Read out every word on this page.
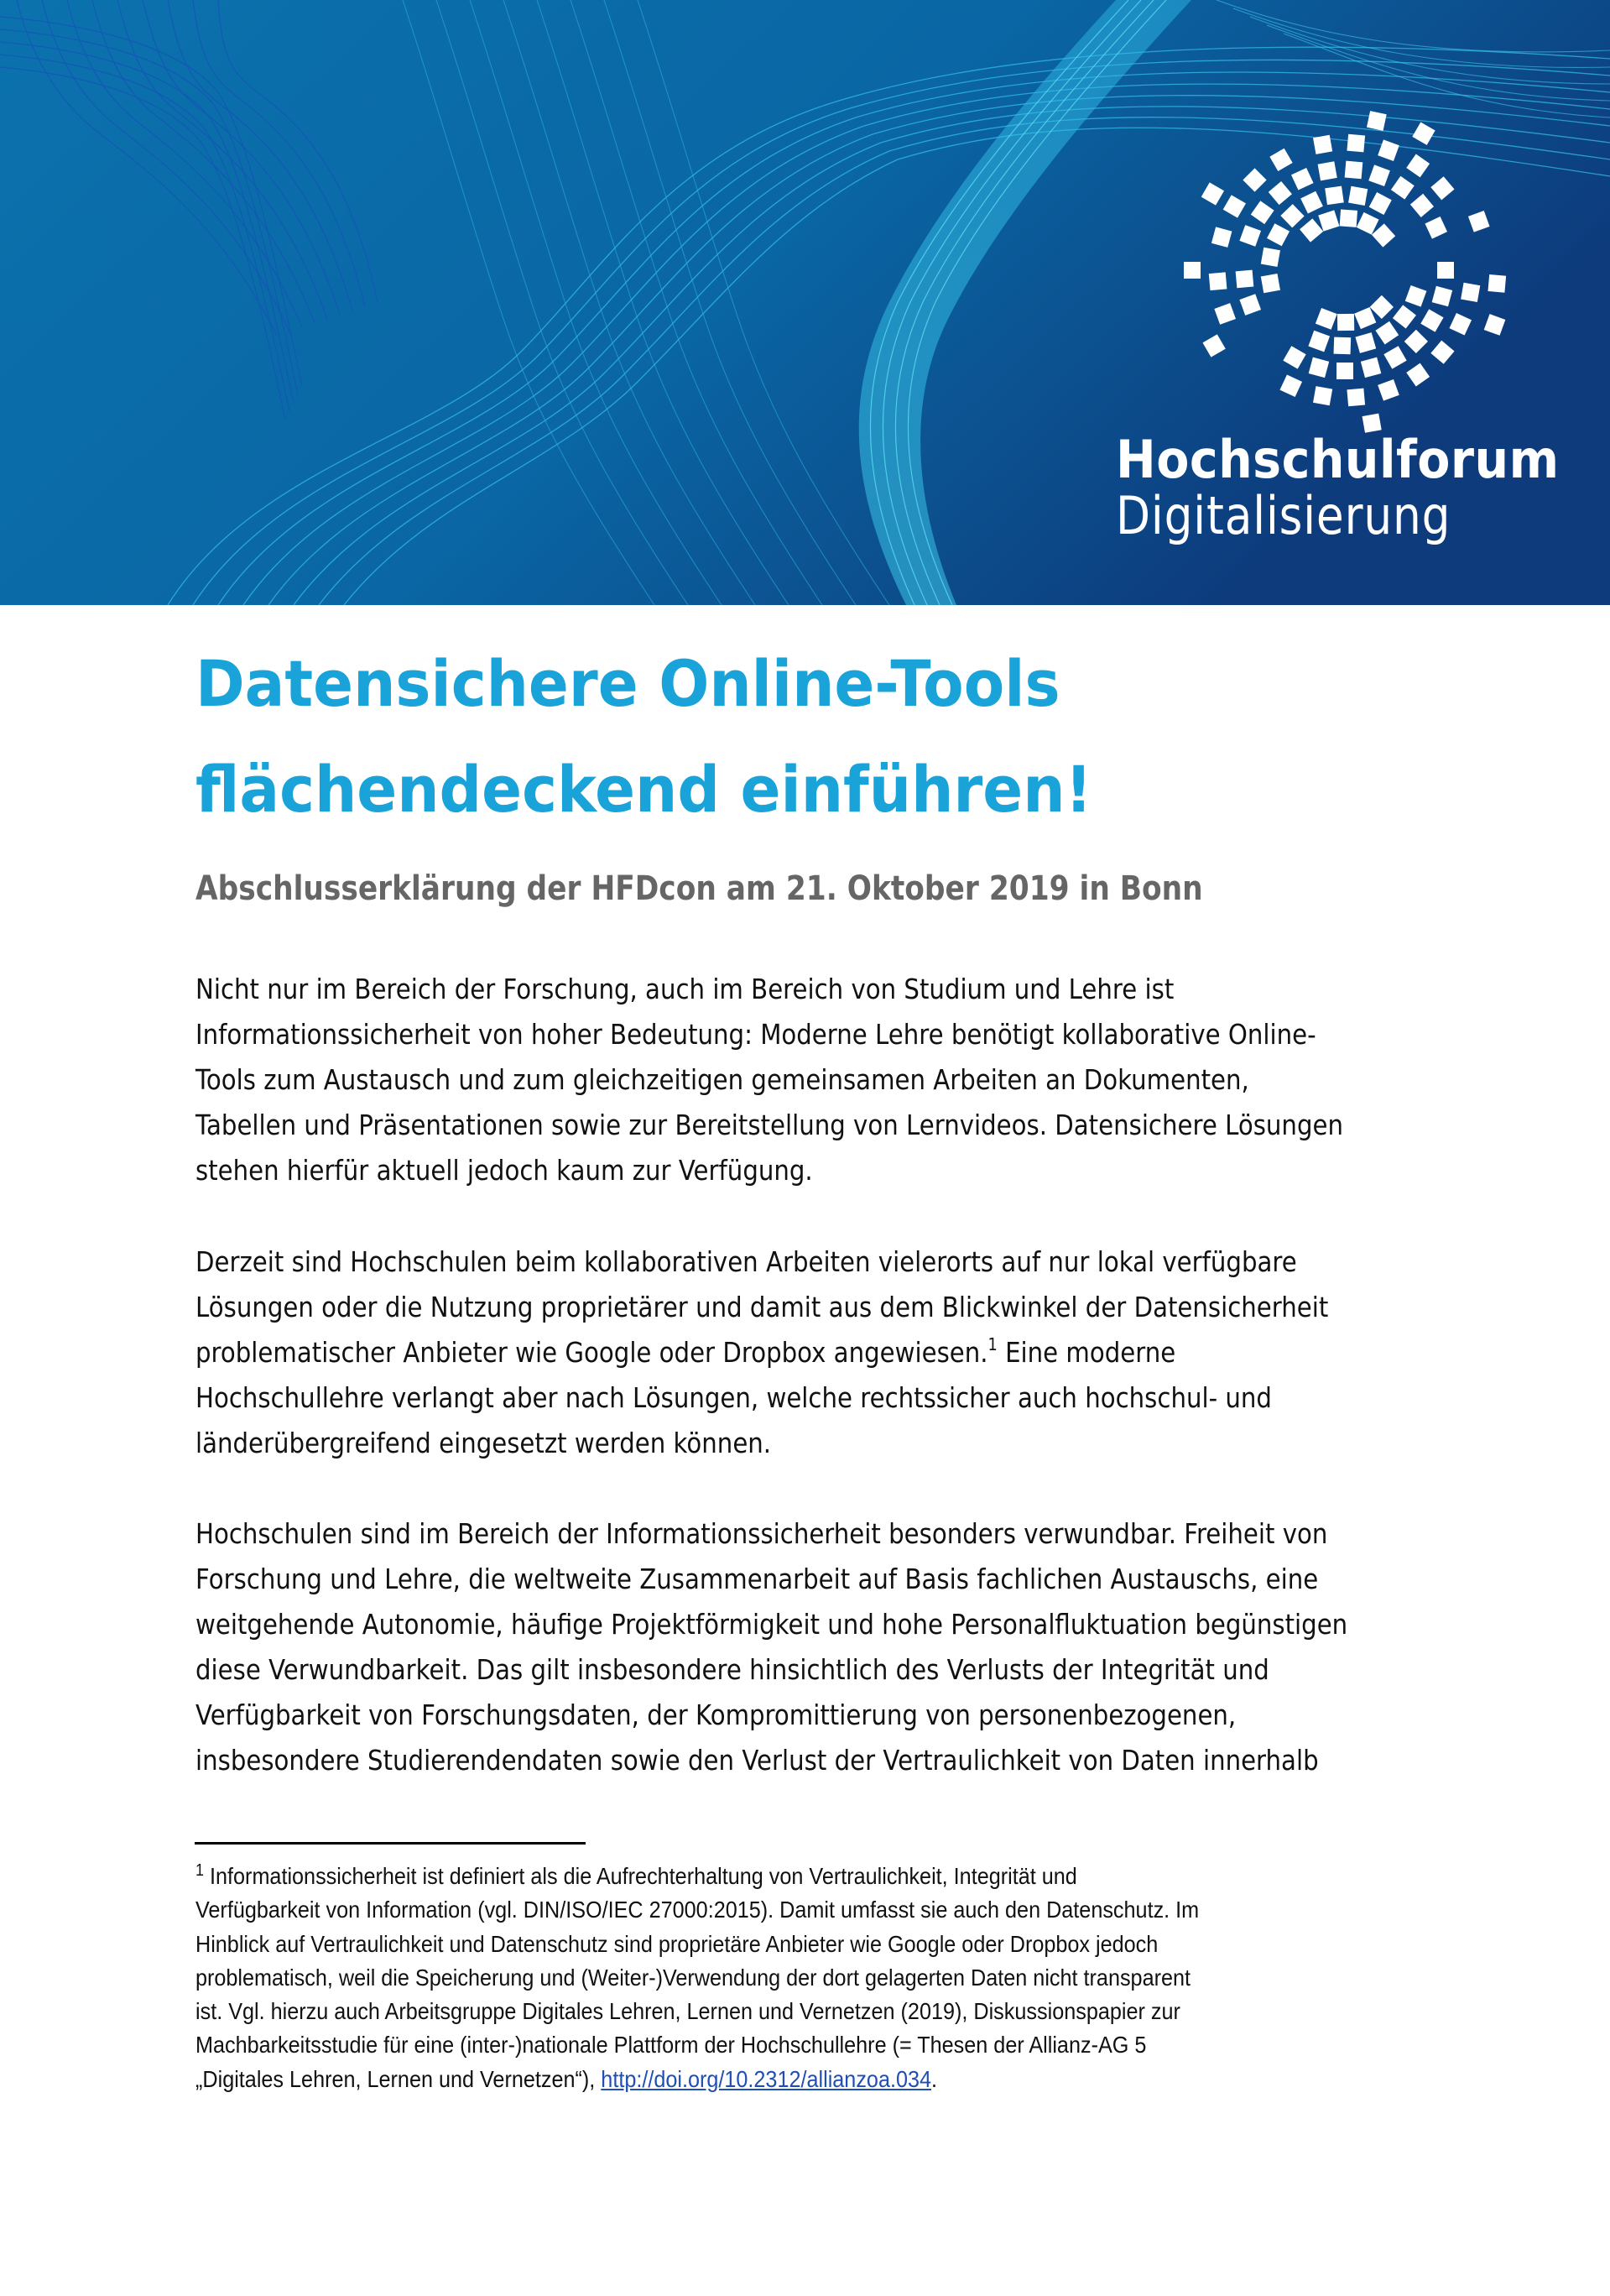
Hochschulforum
Digitalisierung
Datensichere Online-Tools
flächendeckend einführen!
Abschlusserklärung der HFDcon am 21. Oktober 2019 in Bonn
Nicht nur im Bereich der Forschung, auch im Bereich von Studium und Lehre ist
Informationssicherheit von hoher Bedeutung: Moderne Lehre benötigt kollaborative Online-
Tools zum Austausch und zum gleichzeitigen gemeinsamen Arbeiten an Dokumenten,
Tabellen und Präsentationen sowie zur Bereitstellung von Lernvideos. Datensichere Lösungen
stehen hierfür aktuell jedoch kaum zur Verfügung.
Derzeit sind Hochschulen beim kollaborativen Arbeiten vielerorts auf nur lokal verfügbare
Lösungen oder die Nutzung proprietärer und damit aus dem Blickwinkel der Datensicherheit
problematischer Anbieter wie Google oder Dropbox angewiesen.$^1$ Eine moderne
Hochschullehre verlangt aber nach Lösungen, welche rechtssicher auch hochschul- und
länderübergreifend eingesetzt werden können.
Hochschulen sind im Bereich der Informationssicherheit besonders verwundbar. Freiheit von
Forschung und Lehre, die weltweite Zusammenarbeit auf Basis fachlichen Austauschs, eine
weitgehende Autonomie, häufige Projektförmigkeit und hohe Personalfluktuation begünstigen
diese Verwundbarkeit. Das gilt insbesondere hinsichtlich des Verlusts der Integrität und
Verfügbarkeit von Forschungsdaten, der Kompromittierung von personenbezogenen,
insbesondere Studierendendaten sowie den Verlust der Vertraulichkeit von Daten innerhalb
$^1$ Informationssicherheit ist definiert als die Aufrechterhaltung von Vertraulichkeit, Integrität und
Verfügbarkeit von Information (vgl. DIN/ISO/IEC 27000:2015). Damit umfasst sie auch den Datenschutz. Im
Hinblick auf Vertraulichkeit und Datenschutz sind proprietäre Anbieter wie Google oder Dropbox jedoch
problematisch, weil die Speicherung und (Weiter-)Verwendung der dort gelagerten Daten nicht transparent
ist. Vgl. hierzu auch Arbeitsgruppe Digitales Lehren, Lernen und Vernetzen (2019), Diskussionspapier zur
Machbarkeitsstudie für eine (inter-)nationale Plattform der Hochschullehre (= Thesen der Allianz-AG 5
„Digitales Lehren, Lernen und Vernetzen“), http://doi.org/10.2312/allianzoa.034.
